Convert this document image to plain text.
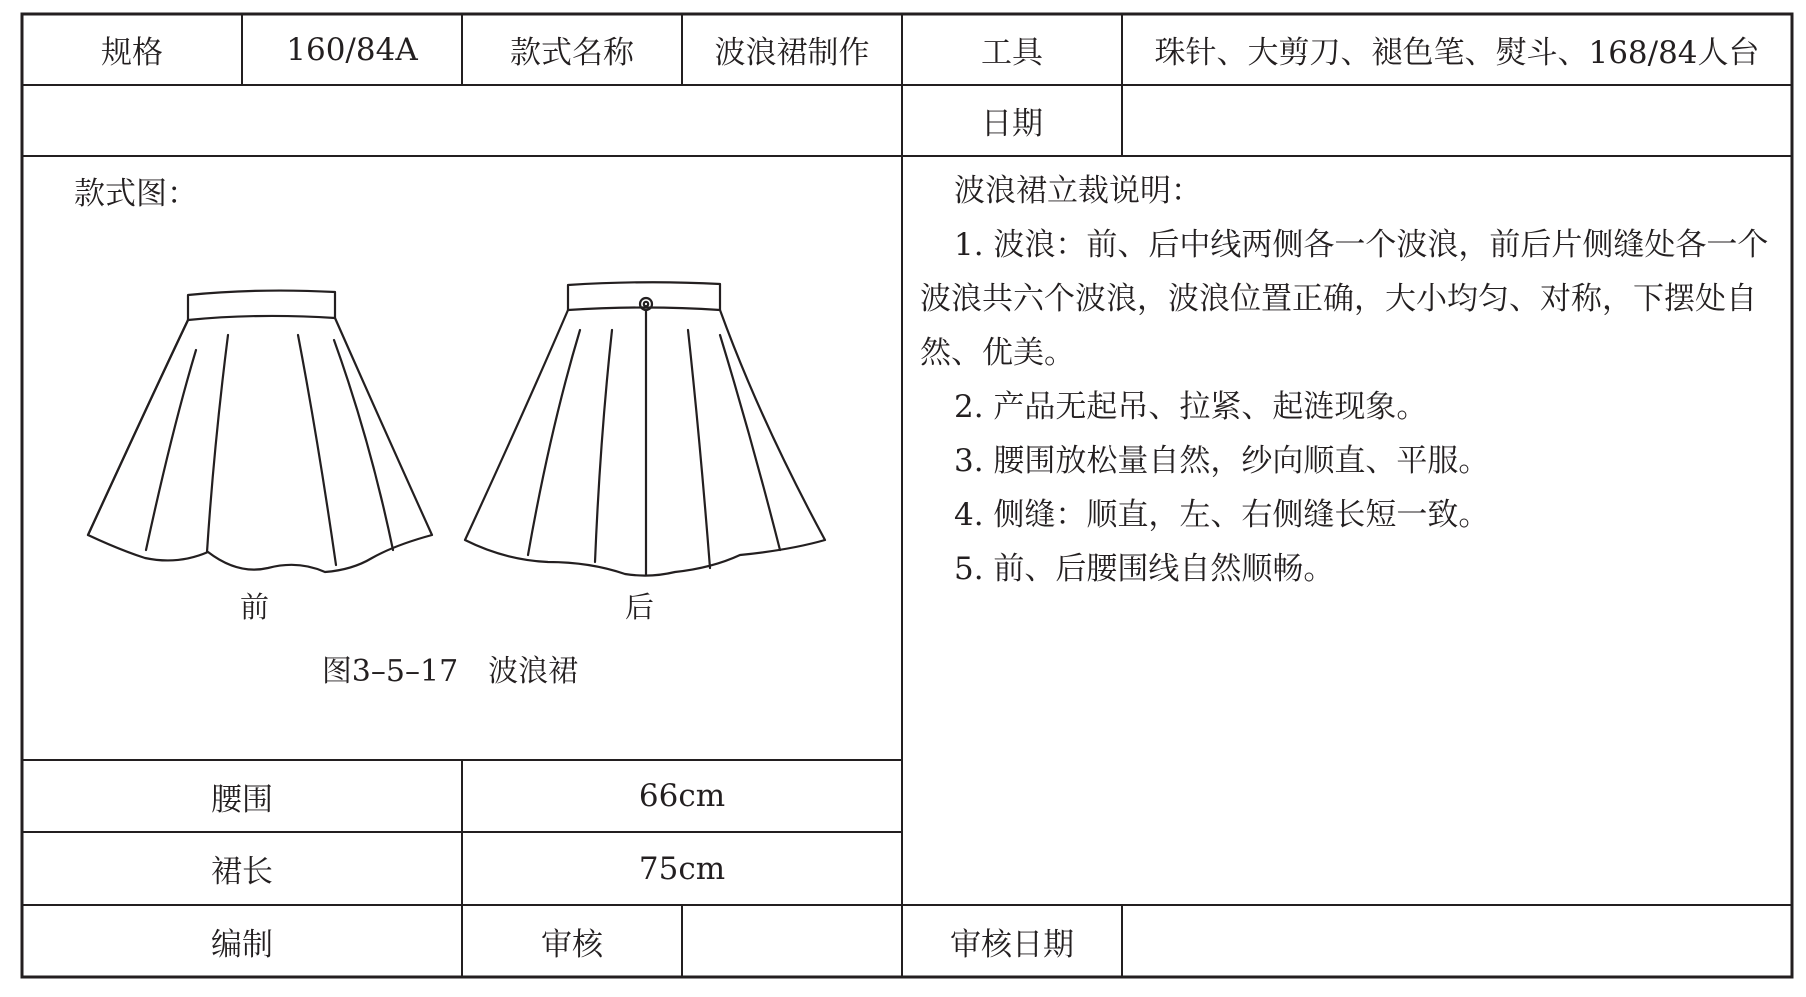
规格	160/84A	款式名称	波浪裙制作	工具	珠针、大剪刀、褪色笔、熨斗、168/84人台
日期
款式图：
前	后
图3–5–17　波浪裙

波浪裙立裁说明：

1. 波浪：前、后中线两侧各一个波浪，前后片侧缝处各一个波浪共六个波浪，波浪位置正确，大小均匀、对称，下摆处自然、优美。

2. 产品无起吊、拉紧、起涟现象。

3. 腰围放松量自然，纱向顺直、平服。

4. 侧缝：顺直，左、右侧缝长短一致。

5. 前、后腰围线自然顺畅。

腰围	66cm
裙长	75cm
编制	审核	审核日期
